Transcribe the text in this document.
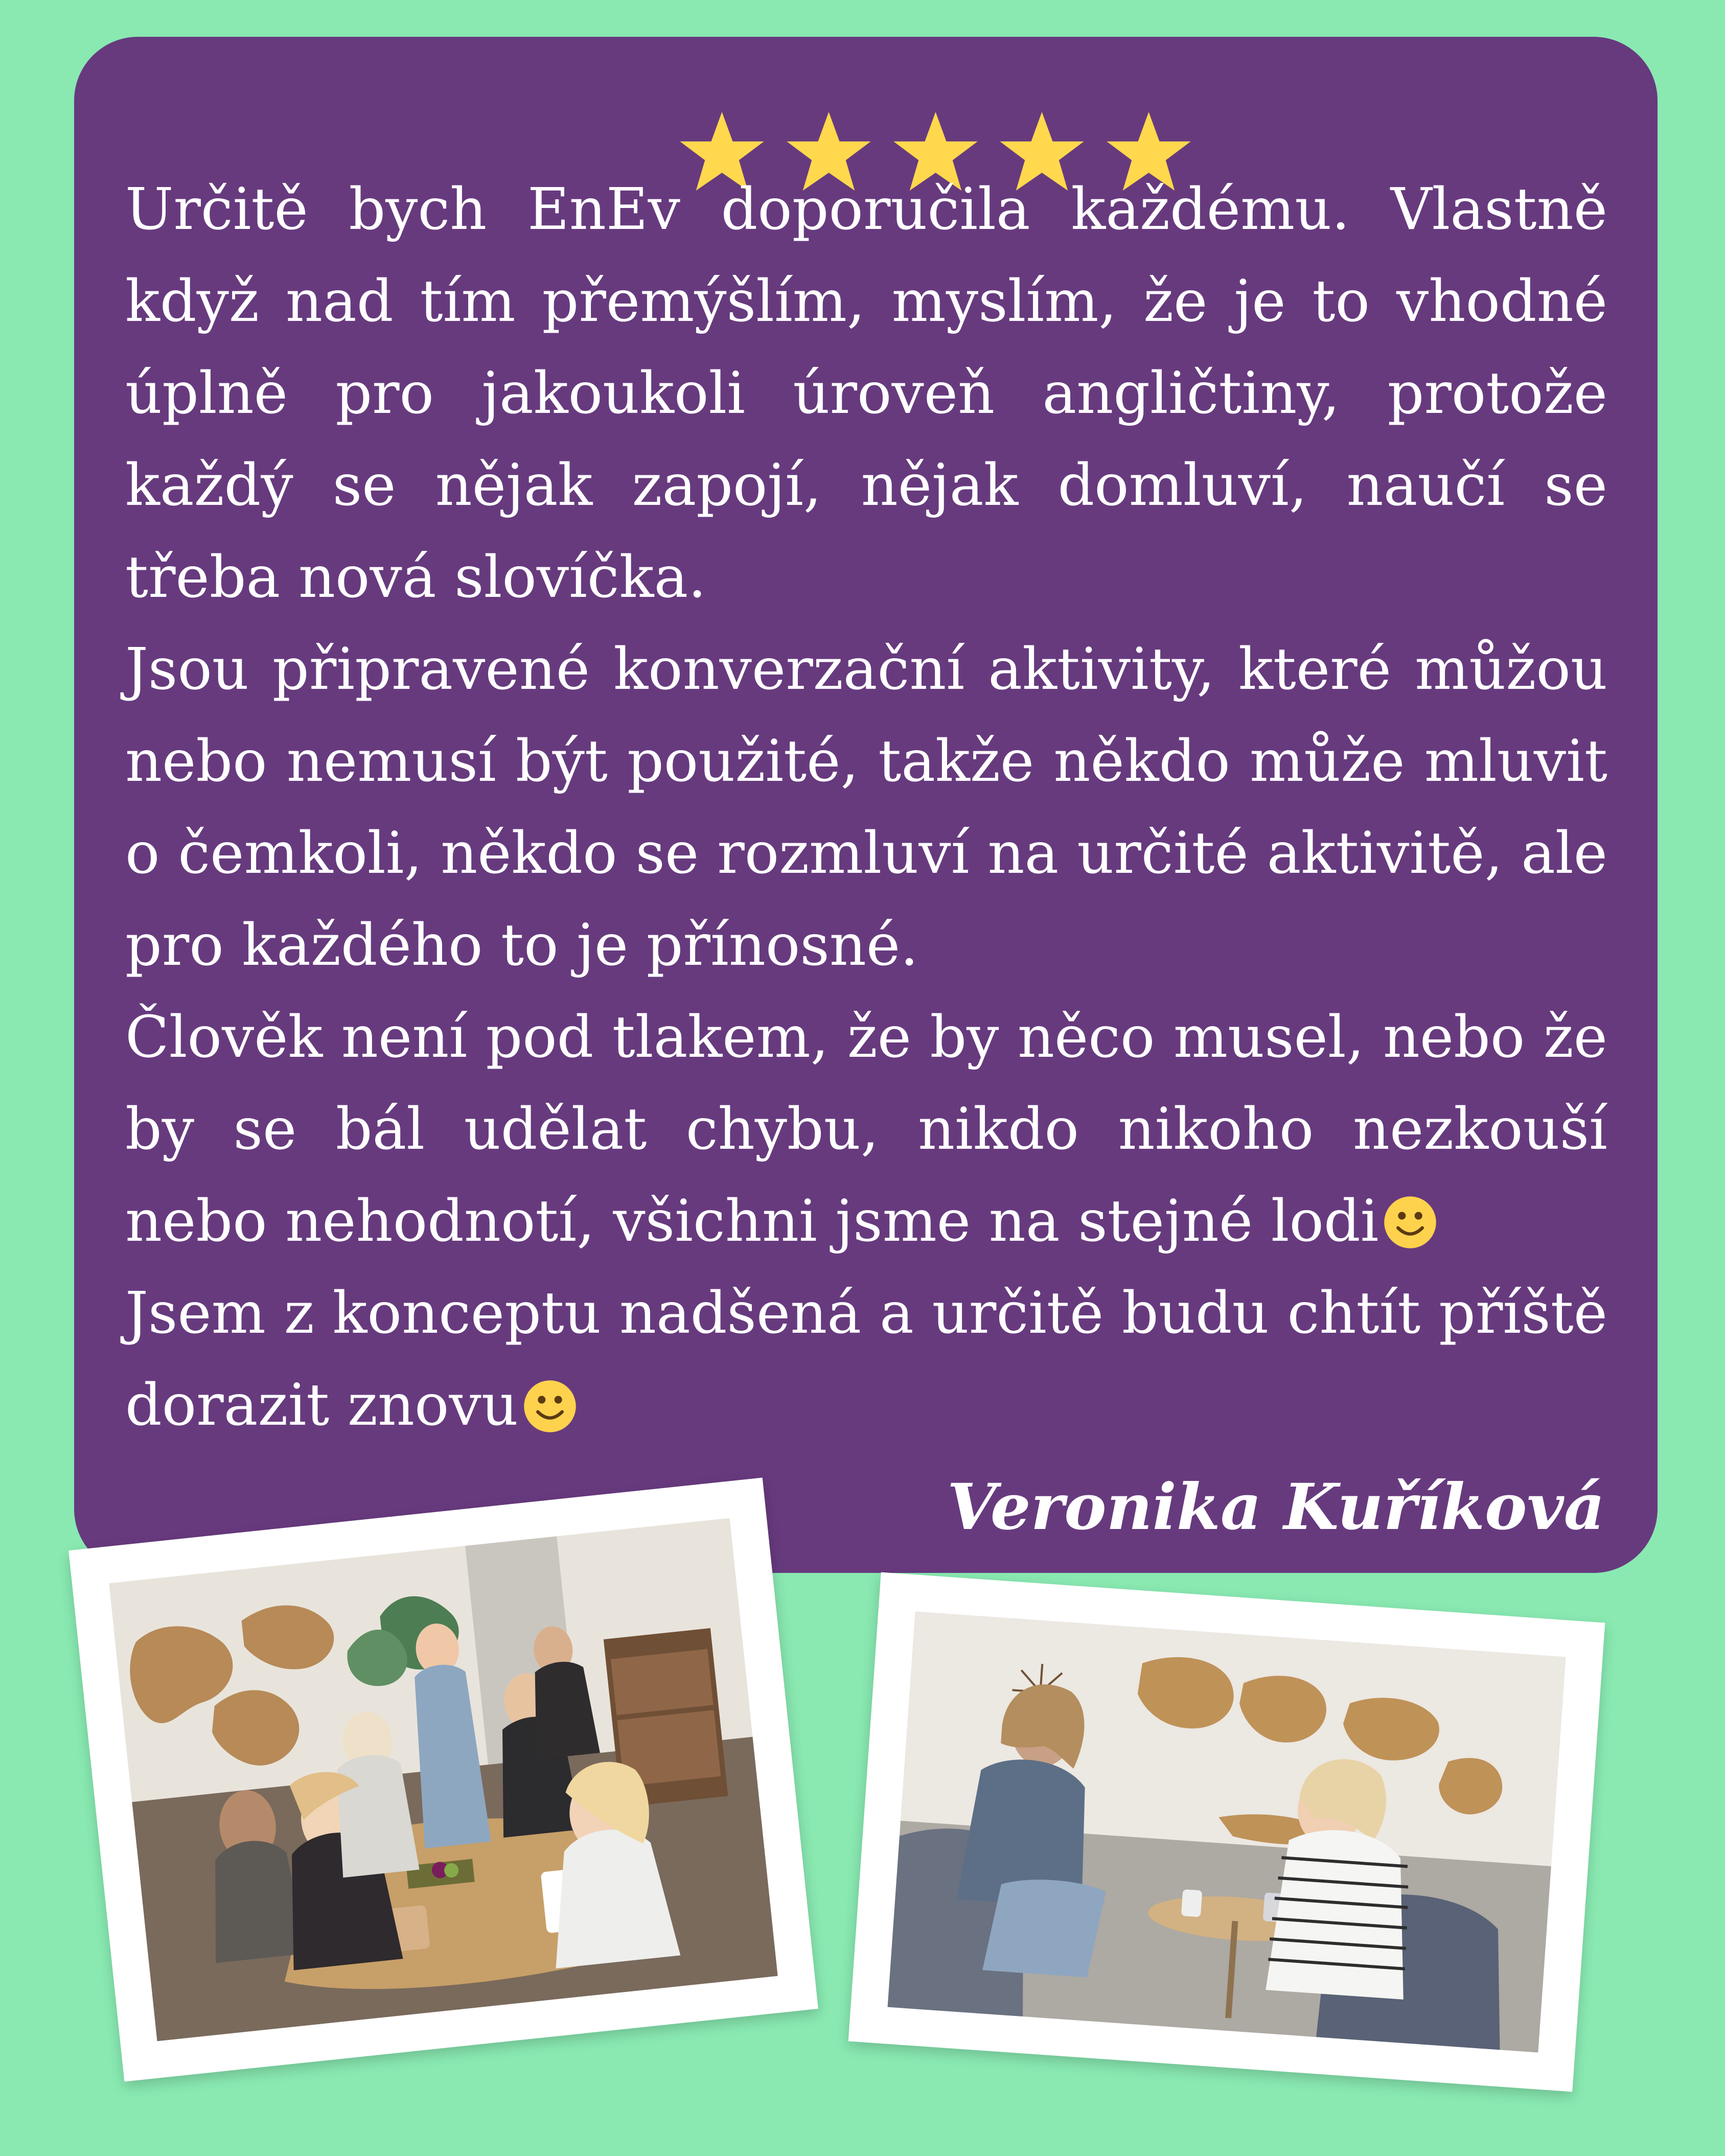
Určitě bych EnEv doporučila každému. Vlastně když nad tím přemýšlím, myslím, že je to vhodné úplně pro jakoukoli úroveň angličtiny, protože každý se nějak zapojí, nějak domluví, naučí se třeba nová slovíčka.

Jsou připravené konverzační aktivity, které můžou nebo nemusí být použité, takže někdo může mluvit o čemkoli, někdo se rozmluví na určité aktivitě, ale pro každého to je přínosné.

Člověk není pod tlakem, že by něco musel, nebo že by se bál udělat chybu, nikdo nikoho nezkouší nebo nehodnotí, všichni jsme na stejné lodi

Jsem z konceptu nadšená a určitě budu chtít příště dorazit znovu

Veronika Kuříková
